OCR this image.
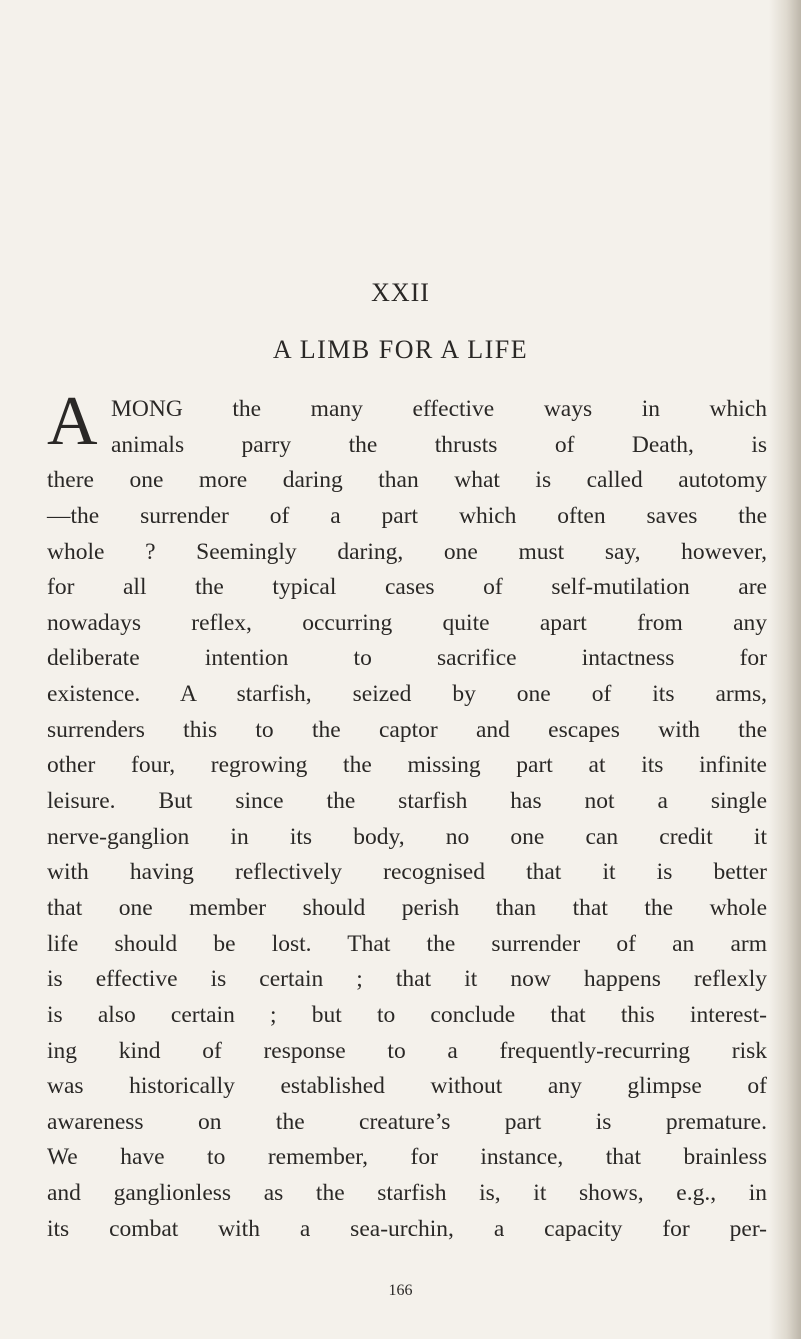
XXII
A LIMB FOR A LIFE
A MONG the many effective ways in which
animals parry the thrusts of Death, is
there one more daring than what is called autotomy
—the surrender of a part which often saves the
whole ? Seemingly daring, one must say, however,
for all the typical cases of self-mutilation are
nowadays reflex, occurring quite apart from any
deliberate intention to sacrifice intactness for
existence. A starfish, seized by one of its arms,
surrenders this to the captor and escapes with the
other four, regrowing the missing part at its infinite
leisure. But since the starfish has not a single
nerve-ganglion in its body, no one can credit it
with having reflectively recognised that it is better
that one member should perish than that the whole
life should be lost. That the surrender of an arm
is effective is certain ; that it now happens reflexly
is also certain ; but to conclude that this interest-
ing kind of response to a frequently-recurring risk
was historically established without any glimpse of
awareness on the creature’s part is premature.
We have to remember, for instance, that brainless
and ganglionless as the starfish is, it shows, e.g., in
its combat with a sea-urchin, a capacity for per-
166
